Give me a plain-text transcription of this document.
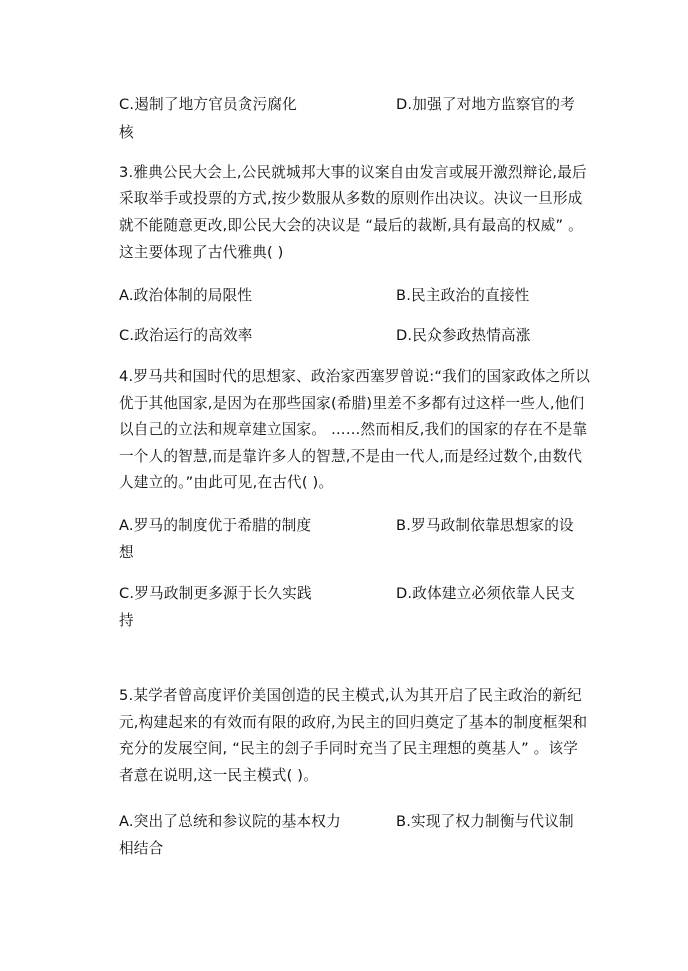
C.遏制了地方官员贪污腐化	D.加强了对地方监察官的考
核
3.雅典公民大会上,公民就城邦大事的议案自由发言或展开激烈辩论,最后
采取举手或投票的方式,按少数服从多数的原则作出决议。决议一旦形成
就不能随意更改,即公民大会的决议是 “最后的裁断,具有最高的权威” 。
这主要体现了古代雅典( )
A.政治体制的局限性	B.民主政治的直接性
C.政治运行的高效率	D.民众参政热情高涨
4.罗马共和国时代的思想家、政治家西塞罗曾说:“我们的国家政体之所以
优于其他国家,是因为在那些国家(希腊)里差不多都有过这样一些人,他们
以自己的立法和规章建立国家。 ……然而相反,我们的国家的存在不是靠
一个人的智慧,而是靠许多人的智慧,不是由一代人,而是经过数个,由数代
人建立的。”由此可见,在古代( )。
A.罗马的制度优于希腊的制度	B.罗马政制依靠思想家的设
想
C.罗马政制更多源于长久实践	D.政体建立必须依靠人民支
持
5.某学者曾高度评价美国创造的民主模式,认为其开启了民主政治的新纪
元,构建起来的有效而有限的政府,为民主的回归奠定了基本的制度框架和
充分的发展空间, “民主的刽子手同时充当了民主理想的奠基人” 。该学
者意在说明,这一民主模式( )。
A.突出了总统和参议院的基本权力	B.实现了权力制衡与代议制
相结合
